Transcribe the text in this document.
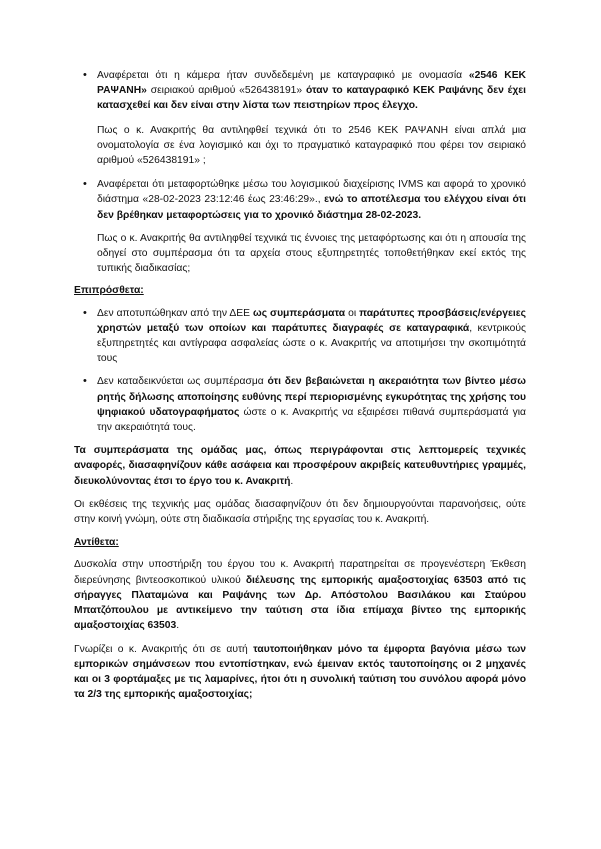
• Αναφέρεται ότι η κάμερα ήταν συνδεδεμένη με καταγραφικό με ονομασία «2546 ΚΕΚ ΡΑΨΑΝΗ» σειριακού αριθμού «526438191» όταν το καταγραφικό ΚΕΚ Ραψάνης δεν έχει κατασχεθεί και δεν είναι στην λίστα των πειστηρίων προς έλεγχο.
Πως ο κ. Ανακριτής θα αντιληφθεί τεχνικά ότι το 2546 ΚΕΚ ΡΑΨΑΝΗ είναι απλά μια ονοματολογία σε ένα λογισμικό και όχι το πραγματικό καταγραφικό που φέρει τον σειριακό αριθμού «526438191» ;
• Αναφέρεται ότι μεταφορτώθηκε μέσω του λογισμικού διαχείρισης IVMS και αφορά το χρονικό διάστημα «28-02-2023 23:12:46 έως 23:46:29»., ενώ το αποτέλεσμα του ελέγχου είναι ότι δεν βρέθηκαν μεταφορτώσεις για το χρονικό διάστημα 28-02-2023.
Πως ο κ. Ανακριτής θα αντιληφθεί τεχνικά τις έννοιες της μεταφόρτωσης και ότι η απουσία της οδηγεί στο συμπέρασμα ότι τα αρχεία στους εξυπηρετητές τοποθετήθηκαν εκεί εκτός της τυπικής διαδικασίας;
Επιπρόσθετα:
• Δεν αποτυπώθηκαν από την ΔΕΕ ως συμπεράσματα οι παράτυπες προσβάσεις/ενέργειες χρηστών μεταξύ των οποίων και παράτυπες διαγραφές σε καταγραφικά, κεντρικούς εξυπηρετητές και αντίγραφα ασφαλείας ώστε ο κ. Ανακριτής να αποτιμήσει την σκοπιμότητά τους
• Δεν καταδεικνύεται ως συμπέρασμα ότι δεν βεβαιώνεται η ακεραιότητα των βίντεο μέσω ρητής δήλωσης αποποίησης ευθύνης περί περιορισμένης εγκυρότητας της χρήσης του ψηφιακού υδατογραφήματος ώστε ο κ. Ανακριτής να εξαιρέσει πιθανά συμπεράσματά για την ακεραιότητά τους.
Τα συμπεράσματα της ομάδας μας, όπως περιγράφονται στις λεπτομερείς τεχνικές αναφορές, διασαφηνίζουν κάθε ασάφεια και προσφέρουν ακριβείς κατευθυντήριες γραμμές, διευκολύνοντας έτσι το έργο του κ. Ανακριτή.
Οι εκθέσεις της τεχνικής μας ομάδας διασαφηνίζουν ότι δεν δημιουργούνται παρανοήσεις, ούτε στην κοινή γνώμη, ούτε στη διαδικασία στήριξης της εργασίας του κ. Ανακριτή.
Αντίθετα:
Δυσκολία στην υποστήριξη του έργου του κ. Ανακριτή παρατηρείται σε προγενέστερη Έκθεση διερεύνησης βιντεοσκοπικού υλικού διέλευσης της εμπορικής αμαξοστοιχίας 63503 από τις σήραγγες Πλαταμώνα και Ραψάνης των Δρ. Απόστολου Βασιλάκου και Σταύρου Μπατζόπουλου με αντικείμενο την ταύτιση στα ίδια επίμαχα βίντεο της εμπορικής αμαξοστοιχίας 63503.
Γνωρίζει ο κ. Ανακριτής ότι σε αυτή ταυτοποιήθηκαν μόνο τα έμφορτα βαγόνια μέσω των εμπορικών σημάνσεων που εντοπίστηκαν, ενώ έμειναν εκτός ταυτοποίησης οι 2 μηχανές και οι 3 φορτάμαξες με τις λαμαρίνες, ήτοι ότι η συνολική ταύτιση του συνόλου αφορά μόνο τα 2/3 της εμπορικής αμαξοστοιχίας;
